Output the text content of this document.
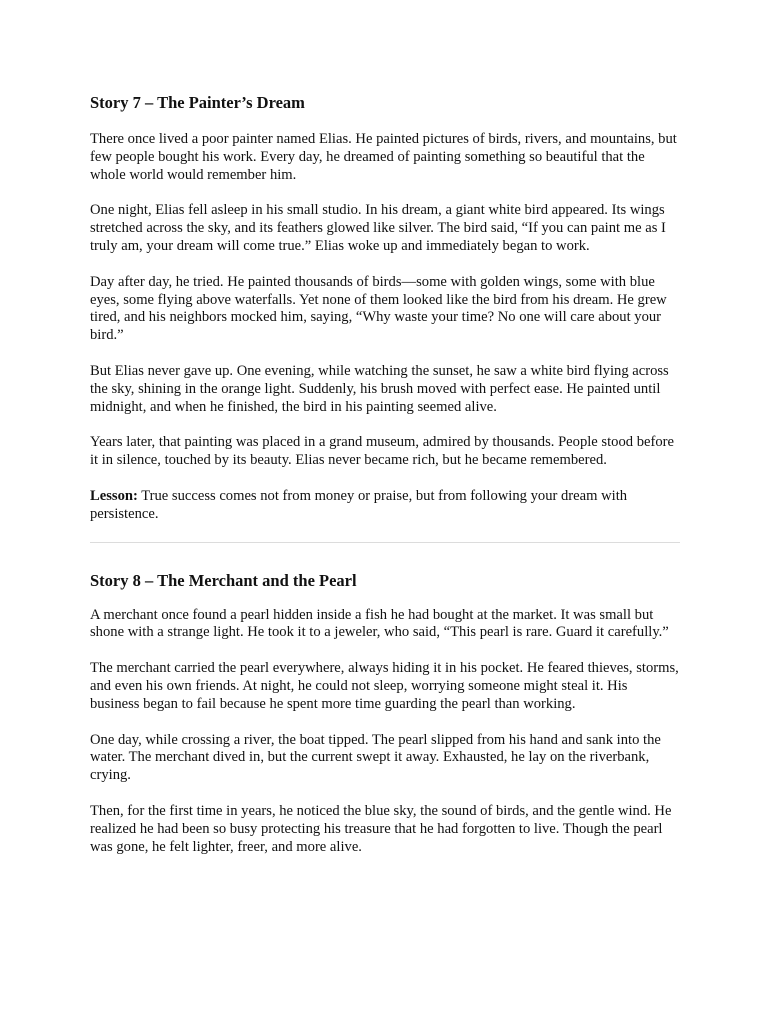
Story 7 – The Painter’s Dream

There once lived a poor painter named Elias. He painted pictures of birds, rivers, and mountains, but few people bought his work. Every day, he dreamed of painting something so beautiful that the whole world would remember him.

One night, Elias fell asleep in his small studio. In his dream, a giant white bird appeared. Its wings stretched across the sky, and its feathers glowed like silver. The bird said, “If you can paint me as I truly am, your dream will come true.” Elias woke up and immediately began to work.

Day after day, he tried. He painted thousands of birds—some with golden wings, some with blue eyes, some flying above waterfalls. Yet none of them looked like the bird from his dream. He grew tired, and his neighbors mocked him, saying, “Why waste your time? No one will care about your bird.”

But Elias never gave up. One evening, while watching the sunset, he saw a white bird flying across the sky, shining in the orange light. Suddenly, his brush moved with perfect ease. He painted until midnight, and when he finished, the bird in his painting seemed alive.

Years later, that painting was placed in a grand museum, admired by thousands. People stood before it in silence, touched by its beauty. Elias never became rich, but he became remembered.

Lesson: True success comes not from money or praise, but from following your dream with persistence.

Story 8 – The Merchant and the Pearl

A merchant once found a pearl hidden inside a fish he had bought at the market. It was small but shone with a strange light. He took it to a jeweler, who said, “This pearl is rare. Guard it carefully.”

The merchant carried the pearl everywhere, always hiding it in his pocket. He feared thieves, storms, and even his own friends. At night, he could not sleep, worrying someone might steal it. His business began to fail because he spent more time guarding the pearl than working.

One day, while crossing a river, the boat tipped. The pearl slipped from his hand and sank into the water. The merchant dived in, but the current swept it away. Exhausted, he lay on the riverbank, crying.

Then, for the first time in years, he noticed the blue sky, the sound of birds, and the gentle wind. He realized he had been so busy protecting his treasure that he had forgotten to live. Though the pearl was gone, he felt lighter, freer, and more alive.
